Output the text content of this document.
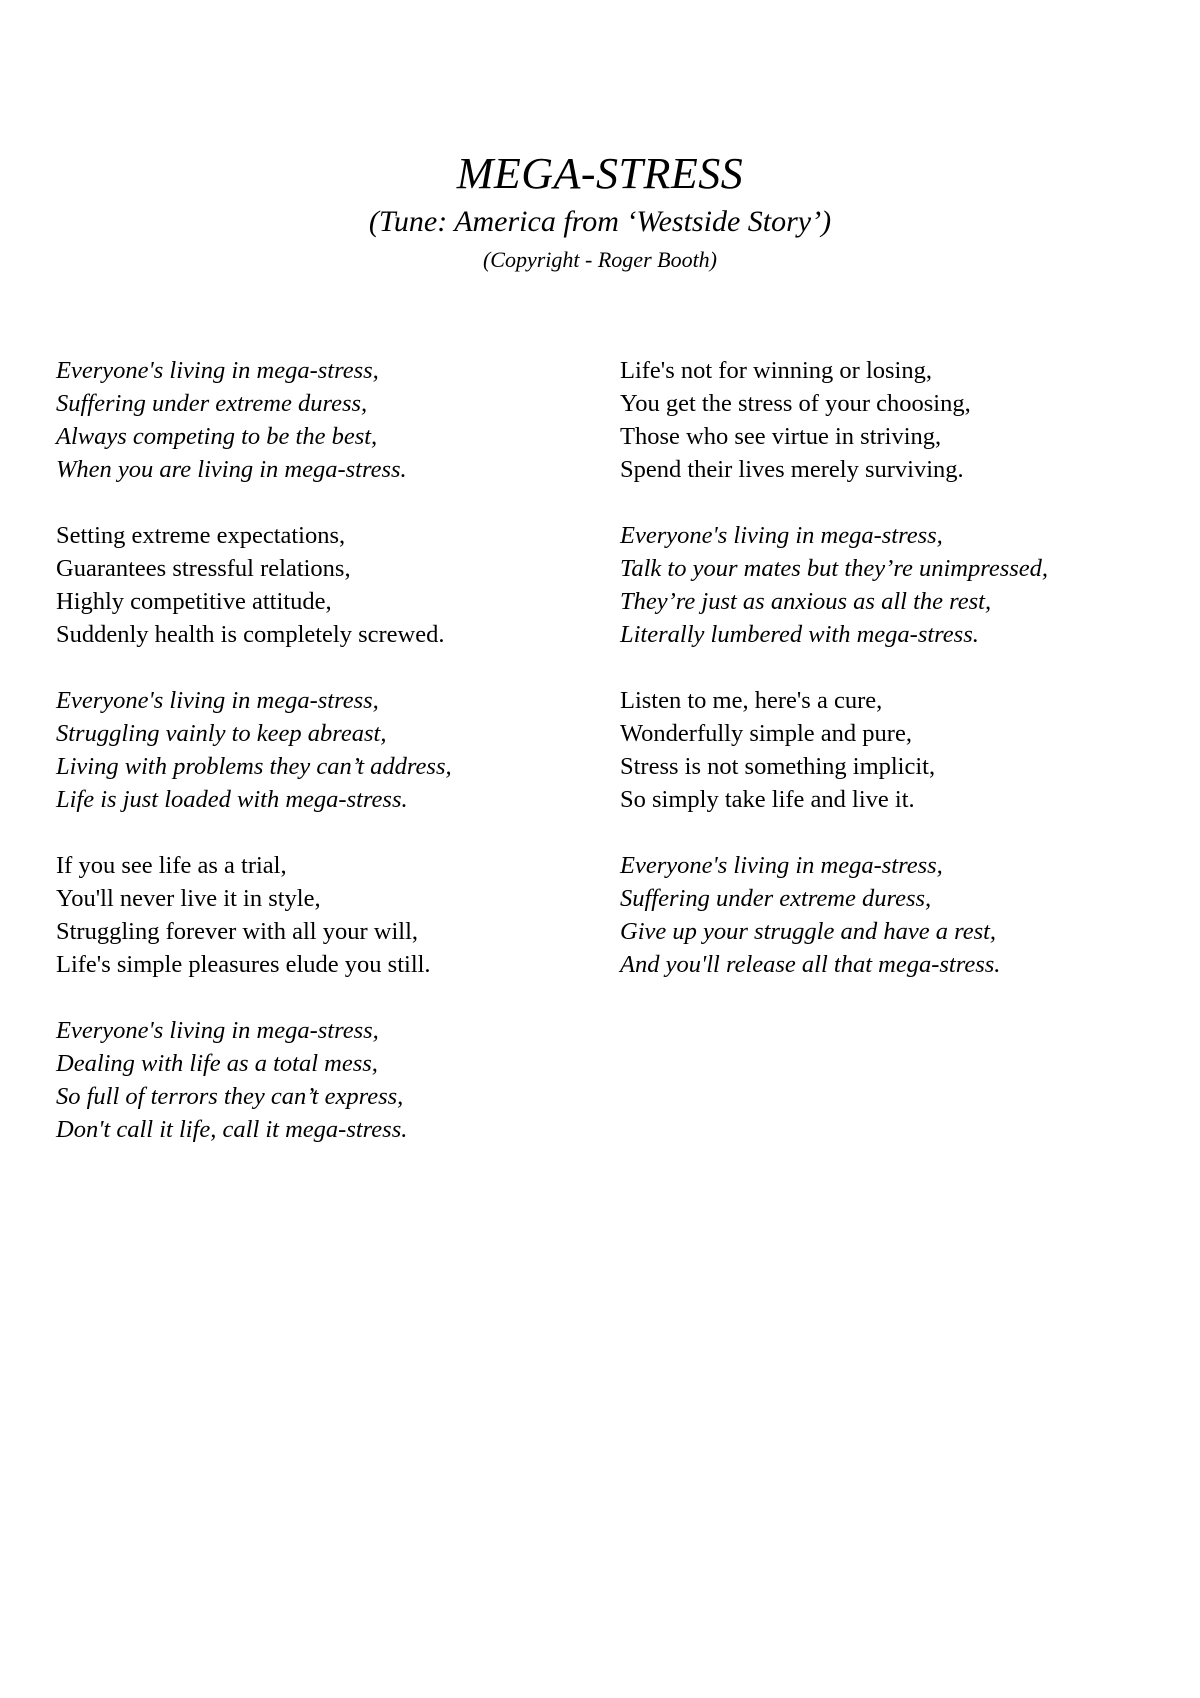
MEGA-STRESS
(Tune: America from ‘Westside Story’)
(Copyright - Roger Booth)
Everyone's living in mega-stress,
Suffering under extreme duress,
Always competing to be the best,
When you are living in mega-stress.
Setting extreme expectations,
Guarantees stressful relations,
Highly competitive attitude,
Suddenly health is completely screwed.
Everyone's living in mega-stress,
Struggling vainly to keep abreast,
Living with problems they can’t address,
Life is just loaded with mega-stress.
If you see life as a trial,
You'll never live it in style,
Struggling forever with all your will,
Life's simple pleasures elude you still.
Everyone's living in mega-stress,
Dealing with life as a total mess,
So full of terrors they can’t express,
Don't call it life, call it mega-stress.
Life's not for winning or losing,
You get the stress of your choosing,
Those who see virtue in striving,
Spend their lives merely surviving.
Everyone's living in mega-stress,
Talk to your mates but they’re unimpressed,
They’re just as anxious as all the rest,
Literally lumbered with mega-stress.
Listen to me, here's a cure,
Wonderfully simple and pure,
Stress is not something implicit,
So simply take life and live it.
Everyone's living in mega-stress,
Suffering under extreme duress,
Give up your struggle and have a rest,
And you'll release all that mega-stress.
